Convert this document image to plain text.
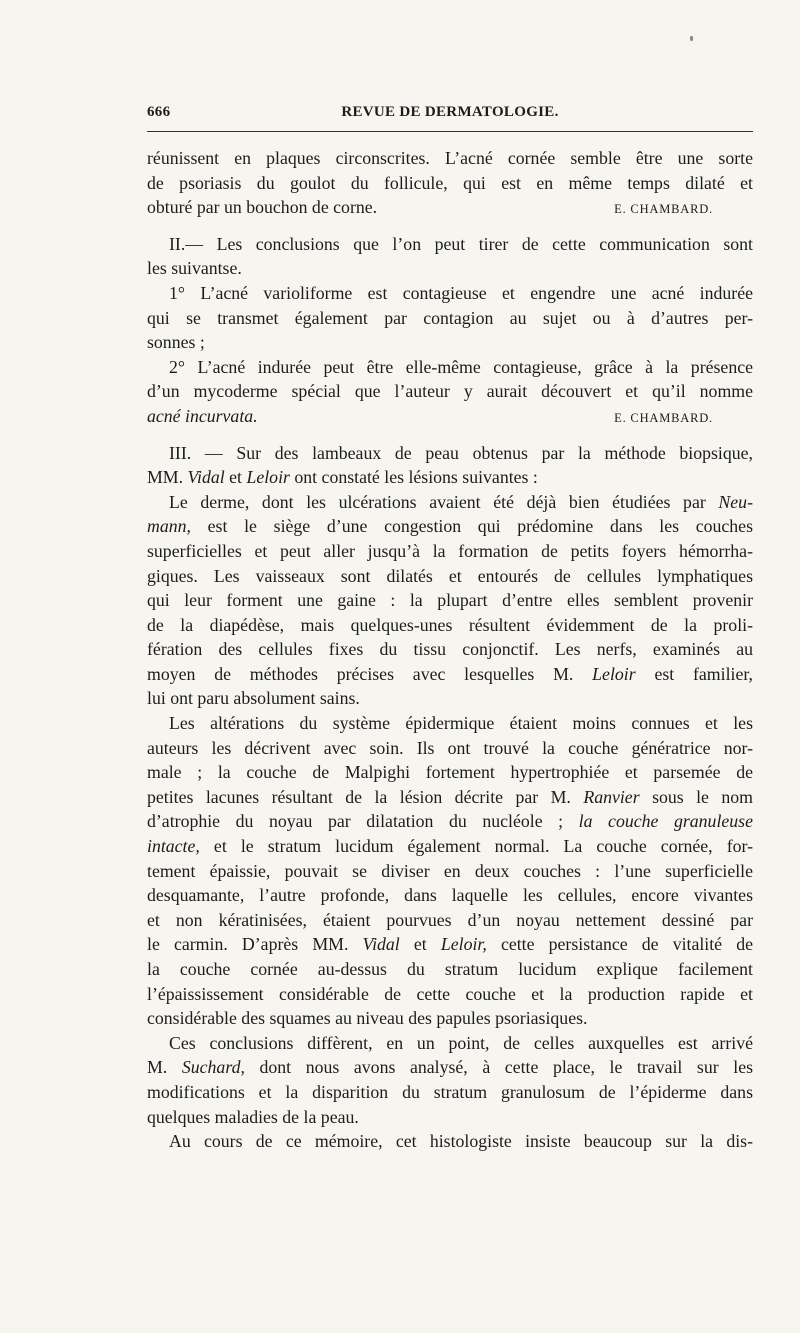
666	REVUE DE DERMATOLOGIE.
réunissent en plaques circonscrites. L’acné cornée semble être une sorte
de psoriasis du goulot du follicule, qui est en même temps dilaté et
obturé par un bouchon de corne.	E. CHAMBARD.
II.— Les conclusions que l’on peut tirer de cette communication sont
les suivantse.
1° L’acné varioliforme est contagieuse et engendre une acné indurée
qui se transmet également par contagion au sujet ou à d’autres per-
sonnes ;
2° L’acné indurée peut être elle-même contagieuse, grâce à la présence
d’un mycoderme spécial que l’auteur y aurait découvert et qu’il nomme
acné incurvata.	E. CHAMBARD.
III. — Sur des lambeaux de peau obtenus par la méthode biopsique,
MM. Vidal et Leloir ont constaté les lésions suivantes :
Le derme, dont les ulcérations avaient été déjà bien étudiées par Neu-
mann, est le siège d’une congestion qui prédomine dans les couches
superficielles et peut aller jusqu’à la formation de petits foyers hémorrha-
giques. Les vaisseaux sont dilatés et entourés de cellules lymphatiques
qui leur forment une gaine : la plupart d’entre elles semblent provenir
de la diapédèse, mais quelques-unes résultent évidemment de la proli-
fération des cellules fixes du tissu conjonctif. Les nerfs, examinés au
moyen de méthodes précises avec lesquelles M. Leloir est familier,
lui ont paru absolument sains.
Les altérations du système épidermique étaient moins connues et les
auteurs les décrivent avec soin. Ils ont trouvé la couche génératrice nor-
male ; la couche de Malpighi fortement hypertrophiée et parsemée de
petites lacunes résultant de la lésion décrite par M. Ranvier sous le nom
d’atrophie du noyau par dilatation du nucléole ; la couche granuleuse
intacte, et le stratum lucidum également normal. La couche cornée, for-
tement épaissie, pouvait se diviser en deux couches : l’une superficielle
desquamante, l’autre profonde, dans laquelle les cellules, encore vivantes
et non kératinisées, étaient pourvues d’un noyau nettement dessiné par
le carmin. D’après MM. Vidal et Leloir, cette persistance de vitalité de
la couche cornée au-dessus du stratum lucidum explique facilement
l’épaississement considérable de cette couche et la production rapide et
considérable des squames au niveau des papules psoriasiques.
Ces conclusions diffèrent, en un point, de celles auxquelles est arrivé
M. Suchard, dont nous avons analysé, à cette place, le travail sur les
modifications et la disparition du stratum granulosum de l’épiderme dans
quelques maladies de la peau.
Au cours de ce mémoire, cet histologiste insiste beaucoup sur la dis-
